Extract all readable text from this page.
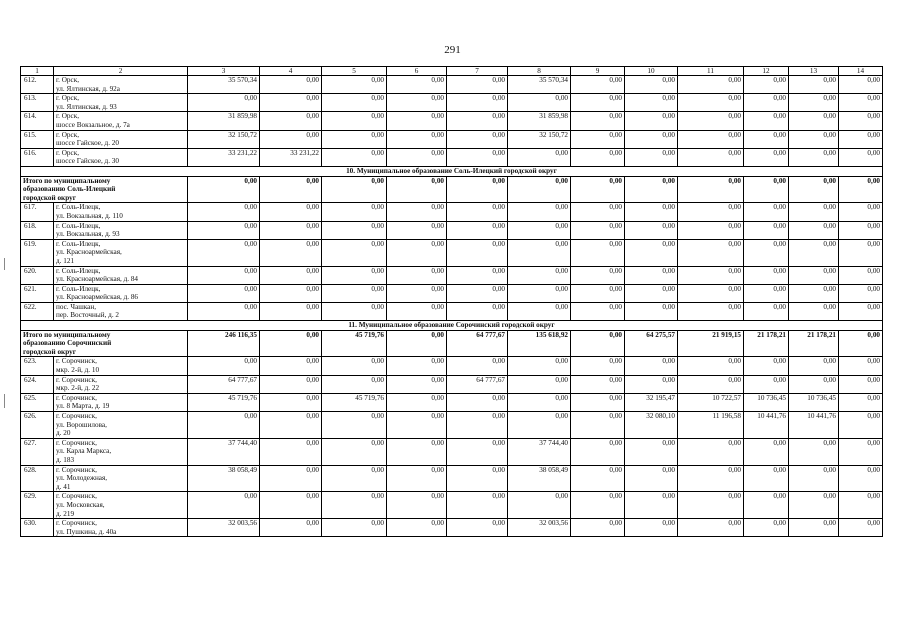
291
1	2	3	4	5	6	7	8	9	10	11	12	13	14
612.	г. Орск,
ул. Ялтинская, д. 92а	35 570,34	0,00	0,00	0,00	0,00	35 570,34	0,00	0,00	0,00	0,00	0,00	0,00
613.	г. Орск,
ул. Ялтинская, д. 93	0,00	0,00	0,00	0,00	0,00	0,00	0,00	0,00	0,00	0,00	0,00	0,00
614.	г. Орск,
шоссе Вокзальное, д. 7а	31 859,98	0,00	0,00	0,00	0,00	31 859,98	0,00	0,00	0,00	0,00	0,00	0,00
615.	г. Орск,
шоссе Гайское, д. 20	32 150,72	0,00	0,00	0,00	0,00	32 150,72	0,00	0,00	0,00	0,00	0,00	0,00
616.	г. Орск,
шоссе Гайское, д. 30	33 231,22	33 231,22	0,00	0,00	0,00	0,00	0,00	0,00	0,00	0,00	0,00	0,00
10. Муниципальное образование Соль-Илецкий городской округ													

Итого по муниципальному
образованию Соль-Илецкий
городской округ		0,00	0,00	0,00	0,00	0,00	0,00	0,00	0,00	0,00	0,00	0,00	0,00
617.	г. Соль-Илецк,
ул. Вокзальная, д. 110	0,00	0,00	0,00	0,00	0,00	0,00	0,00	0,00	0,00	0,00	0,00	0,00
618.	г. Соль-Илецк,
ул. Вокзальная, д. 93	0,00	0,00	0,00	0,00	0,00	0,00	0,00	0,00	0,00	0,00	0,00	0,00
619.	г. Соль-Илецк,
ул. Красноармейская,
д. 121	0,00	0,00	0,00	0,00	0,00	0,00	0,00	0,00	0,00	0,00	0,00	0,00
620.	г. Соль-Илецк,
ул. Красноармейская, д. 84	0,00	0,00	0,00	0,00	0,00	0,00	0,00	0,00	0,00	0,00	0,00	0,00
621.	г. Соль-Илецк,
ул. Красноармейская, д. 86	0,00	0,00	0,00	0,00	0,00	0,00	0,00	0,00	0,00	0,00	0,00	0,00
622.	пос. Чашкан,
пер. Восточный, д. 2	0,00	0,00	0,00	0,00	0,00	0,00	0,00	0,00	0,00	0,00	0,00	0,00
11. Муниципальное образование Сорочинский городской округ													

Итого по муниципальному
образованию Сорочинский
городской округ		246 116,35	0,00	45 719,76	0,00	64 777,67	135 618,92	0,00	64 275,57	21 919,15	21 178,21	21 178,21	0,00
623.	г. Сорочинск,
мкр. 2-й, д. 10	0,00	0,00	0,00	0,00	0,00	0,00	0,00	0,00	0,00	0,00	0,00	0,00
624.	г. Сорочинск,
мкр. 2-й, д. 22	64 777,67	0,00	0,00	0,00	64 777,67	0,00	0,00	0,00	0,00	0,00	0,00	0,00
625.	г. Сорочинск,
ул. 8 Марта, д. 19	45 719,76	0,00	45 719,76	0,00	0,00	0,00	0,00	32 195,47	10 722,57	10 736,45	10 736,45	0,00
626.	г. Сорочинск,
ул. Ворошилова,
д. 20	0,00	0,00	0,00	0,00	0,00	0,00	0,00	32 080,10	11 196,58	10 441,76	10 441,76	0,00
627.	г. Сорочинск,
ул. Карла Маркса,
д. 183	37 744,40	0,00	0,00	0,00	0,00	37 744,40	0,00	0,00	0,00	0,00	0,00	0,00
628.	г. Сорочинск,
ул. Молодежная,
д. 41	38 058,49	0,00	0,00	0,00	0,00	38 058,49	0,00	0,00	0,00	0,00	0,00	0,00
629.	г. Сорочинск,
ул. Московская,
д. 219	0,00	0,00	0,00	0,00	0,00	0,00	0,00	0,00	0,00	0,00	0,00	0,00
630.	г. Сорочинск,
ул. Пушкина, д. 40а	32 003,56	0,00	0,00	0,00	0,00	32 003,56	0,00	0,00	0,00	0,00	0,00	0,00
